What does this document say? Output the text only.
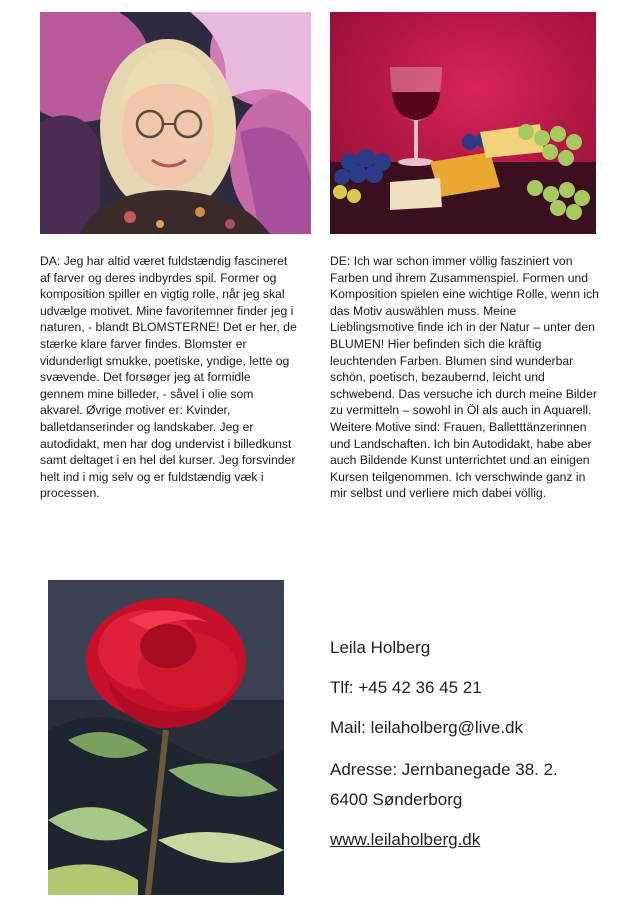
DA: Jeg har altid været fuldstændig fascineret af farver og deres indbyrdes spil. Former og komposition spiller en vigtig rolle, når jeg skal udvælge motivet. Mine favoritemner finder jeg i naturen, - blandt BLOMSTERNE! Det er her, de stærke klare farver findes. Blomster er vidunderligt smukke, poetiske, yndige, lette og svævende. Det forsøger jeg at formidle gennem mine billeder, - såvel i olie som akvarel. Øvrige motiver er: Kvinder, balletdanserinder og landskaber. Jeg er autodidakt, men har dog undervist i billedkunst samt deltaget i en hel del kurser. Jeg forsvinder helt ind i mig selv og er fuldstændig væk i processen.

DE: Ich war schon immer völlig fasziniert von Farben und ihrem Zusammenspiel. Formen und Komposition spielen eine wichtige Rolle, wenn ich das Motiv auswählen muss. Meine Lieblingsmotive finde ich in der Natur – unter den BLUMEN! Hier befinden sich die kräftig leuchtenden Farben. Blumen sind wunderbar schön, poetisch, bezaubernd, leicht und schwebend. Das versuche ich durch meine Bilder zu vermitteln – sowohl in Öl als auch in Aquarell. Weitere Motive sind: Frauen, Balletttänzerinnen und Landschaften. Ich bin Autodidakt, habe aber auch Bildende Kunst unterrichtet und an einigen Kursen teilgenommen. Ich verschwinde ganz in mir selbst und verliere mich dabei völlig.

Leila Holberg
Tlf: +45 42 36 45 21
Mail: leilaholberg@live.dk
Adresse: Jernbanegade 38. 2.
6400 Sønderborg
www.leilaholberg.dk
